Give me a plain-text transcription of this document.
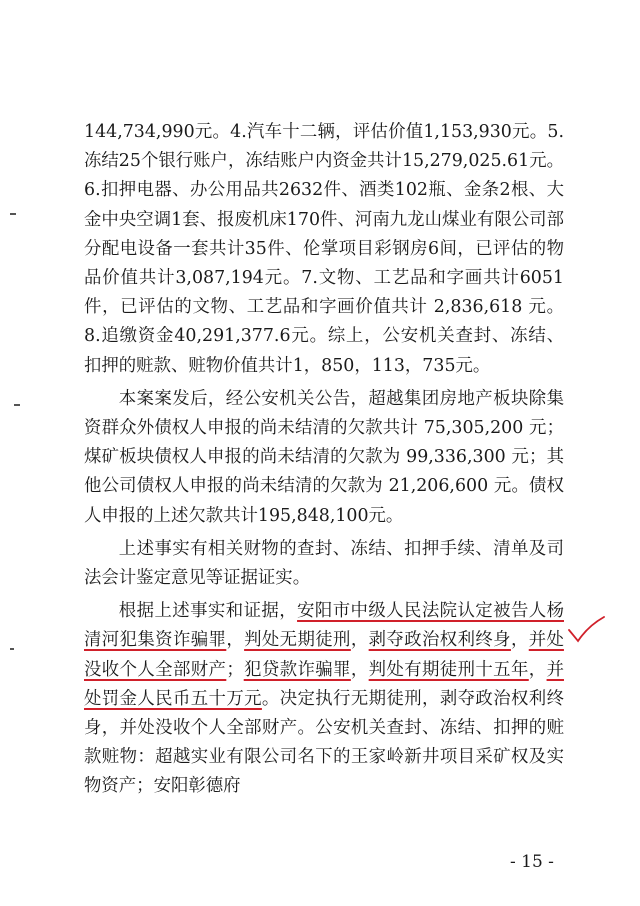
144,734,990元。4.汽车十二辆，评估价值1,153,930元。5.冻结25个银行账户，冻结账户内资金共计15,279,025.61元。6.扣押电器、办公用品共2632件、酒类102瓶、金条2根、大金中央空调1套、报废机床170件、河南九龙山煤业有限公司部分配电设备一套共计35件、伦掌项目彩钢房6间，已评估的物品价值共计3,087,194元。7.文物、工艺品和字画共计6051件，已评估的文物、工艺品和字画价值共计 2,836,618 元。 8.追缴资金40,291,377.6元。综上，公安机关查封、冻结、扣押的赃款、赃物价值共计1，850，113，735元。

本案案发后，经公安机关公告，超越集团房地产板块除集资群众外债权人申报的尚未结清的欠款共计 75,305,200 元；煤矿板块债权人申报的尚未结清的欠款为 99,336,300 元；其他公司债权人申报的尚未结清的欠款为 21,206,600 元。债权人申报的上述欠款共计195,848,100元。

上述事实有相关财物的查封、冻结、扣押手续、清单及司法会计鉴定意见等证据证实。

根据上述事实和证据，安阳市中级人民法院认定被告人杨清河犯集资诈骗罪，判处无期徒刑，剥夺政治权利终身，并处没收个人全部财产；犯贷款诈骗罪，判处有期徒刑十五年，并处罚金人民币五十万元。决定执行无期徒刑，剥夺政治权利终身，并处没收个人全部财产。公安机关查封、冻结、扣押的赃款赃物：超越实业有限公司名下的王家岭新井项目采矿权及实物资产；安阳彰德府

- 15 -
